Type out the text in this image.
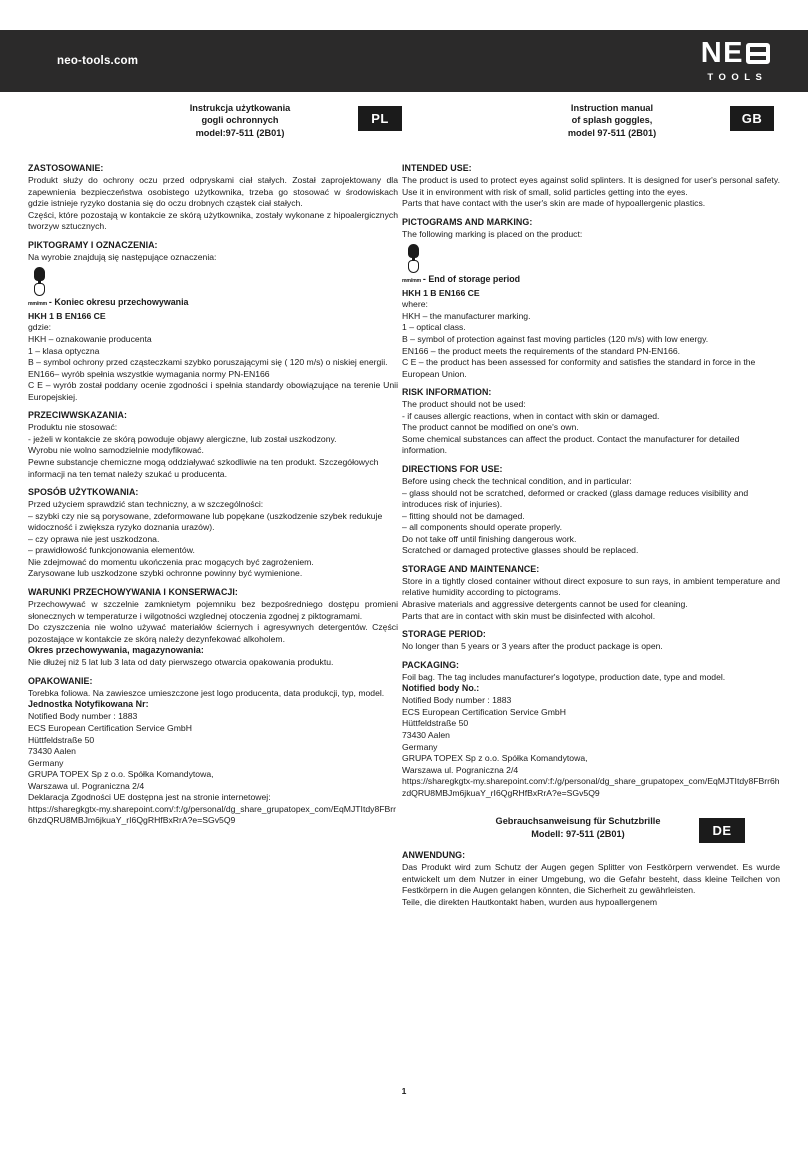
neo-tools.com	N E
TOOLS
Instrukcja użytkowania
gogli ochronnych
model:97-511 (2B01)
PL
Instruction manual
of splash goggles,
model 97-511 (2B01)
GB
ZASTOSOWANIE:

Produkt służy do ochrony oczu przed odpryskami ciał stałych. Został zaprojektowany dla zapewnienia bezpieczeństwa osobistego użytkownika, trzeba go stosować w środowiskach gdzie istnieje ryzyko dostania się do oczu drobnych cząstek ciał stałych.

Części, które pozostają w kontakcie ze skórą użytkownika, zostały wykonane z hipoalergicznych tworzyw sztucznych.

PIKTOGRAMY I OZNACZENIA:

Na wyrobie znajdują się następujące oznaczenia:

mm/mm - Koniec okresu przechowywania

HKH 1 B EN166 CE

gdzie:

HKH – oznakowanie producenta

1 – klasa optyczna

B – symbol ochrony przed cząsteczkami szybko poruszającymi się ( 120 m/s) o niskiej energii.

EN166– wyrób spełnia wszystkie wymagania normy PN-EN166

C E – wyrób został poddany ocenie zgodności i spełnia standardy obowiązujące na terenie Unii Europejskiej.

PRZECIWWSKAZANIA:

Produktu nie stosować:

- jeżeli w kontakcie ze skórą powoduje objawy alergiczne, lub został uszkodzony.

Wyrobu nie wolno samodzielnie modyfikować.

Pewne substancje chemiczne mogą oddziaływać szkodliwie na ten produkt. Szczegółowych informacji na ten temat należy szukać u producenta.

SPOSÓB UŻYTKOWANIA:

Przed użyciem sprawdzić stan techniczny, a w szczególności:

– szybki czy nie są porysowane, zdeformowane lub popękane (uszkodzenie szybek redukuje widoczność i zwiększa ryzyko doznania urazów).

– czy oprawa nie jest uszkodzona.

– prawidłowość funkcjonowania elementów.

Nie zdejmować do momentu ukończenia prac mogących być zagrożeniem.

Zarysowane lub uszkodzone szybki ochronne powinny być wymienione.

WARUNKI PRZECHOWYWANIA I KONSERWACJI:

Przechowywać w szczelnie zamknietym pojemniku bez bezpośredniego dostępu promieni słonecznych w temperaturze i wilgotności wzglednej otoczenia zgodnej z piktogramami.

Do czyszczenia nie wolno używać materiałów ściernych i agresywnych detergentów. Części pozostające w kontakcie ze skórą należy dezynfekować alkoholem.

Okres przechowywania, magazynowania:

Nie dłużej niż 5 lat lub 3 lata od daty pierwszego otwarcia opakowania produktu.

OPAKOWANIE:

Torebka foliowa. Na zawieszce umieszczone jest logo producenta, data produkcji, typ, model.

Jednostka Notyfikowana Nr:

Notified Body number : 1883

ECS European Certification Service GmbH

Hüttfeldstraße 50

73430 Aalen

Germany

GRUPA TOPEX Sp z o.o. Spółka Komandytowa,

Warszawa ul. Pograniczna 2/4

Deklaracja Zgodności UE dostępna jest na stronie internetowej:

https://sharegkgtx-my.sharepoint.com/:f:/g/personal/dg_share_grupatopex_com/EqMJTItdy8FBrr6hzdQRU8MBJm6jkuaY_rI6QgRHfBxRrA?e=SGv5Q9

INTENDED USE:

The product is used to protect eyes against solid splinters. It is designed for user's personal safety. Use it in environment with risk of small, solid particles getting into the eyes.

Parts that have contact with the user's skin are made of hypoallergenic plastics.

PICTOGRAMS AND MARKING:

The following marking is placed on the product:

mm/mm - End of storage period

HKH 1 B EN166 CE

where:

HKH – the manufacturer marking.

1 – optical class.

B – symbol of protection against fast moving particles (120 m/s) with low energy.

EN166 – the product meets the requirements of the standard PN-EN166.

C E – the product has been assessed for conformity and satisfies the standard in force in the European Union.

RISK INFORMATION:

The product should not be used:

- if causes allergic reactions, when in contact with skin or damaged.

The product cannot be modified on one's own.

Some chemical substances can affect the product. Contact the manufacturer for detailed information.

DIRECTIONS FOR USE:

Before using check the technical condition, and in particular:

– glass should not be scratched, deformed or cracked (glass damage reduces visibility and introduces risk of injuries).

– fitting should not be damaged.

– all components should operate properly.

Do not take off until finishing dangerous work.

Scratched or damaged protective glasses should be replaced.

STORAGE AND MAINTENANCE:

Store in a tightly closed container without direct exposure to sun rays, in ambient temperature and relative humidity according to pictograms.

Abrasive materials and aggressive detergents cannot be used for cleaning.

Parts that are in contact with skin must be disinfected with alcohol.

STORAGE PERIOD:

No longer than 5 years or 3 years after the product package is open.

PACKAGING:

Foil bag. The tag includes manufacturer's logotype, production date, type and model.

Notified body No.:

Notified Body number : 1883

ECS European Certification Service GmbH

Hüttfeldstraße 50

73430 Aalen

Germany

GRUPA TOPEX Sp z o.o. Spółka Komandytowa,

Warszawa ul. Pograniczna 2/4

https://sharegkgtx-my.sharepoint.com/:f:/g/personal/dg_share_grupatopex_com/EqMJTItdy8FBrr6hzdQRU8MBJm6jkuaY_rI6QgRHfBxRrA?e=SGv5Q9

Gebrauchsanweisung für Schutzbrille
Modell: 97-511 (2B01)	DE
ANWENDUNG:

Das Produkt wird zum Schutz der Augen gegen Splitter von Festkörpern verwendet. Es wurde entwickelt um dem Nutzer in einer Umgebung, wo die Gefahr besteht, dass kleine Teilchen von Festkörpern in die Augen gelangen könnten, die Sicherheit zu gewährleisten.

Teile, die direkten Hautkontakt haben, wurden aus hypoallergenem

1
